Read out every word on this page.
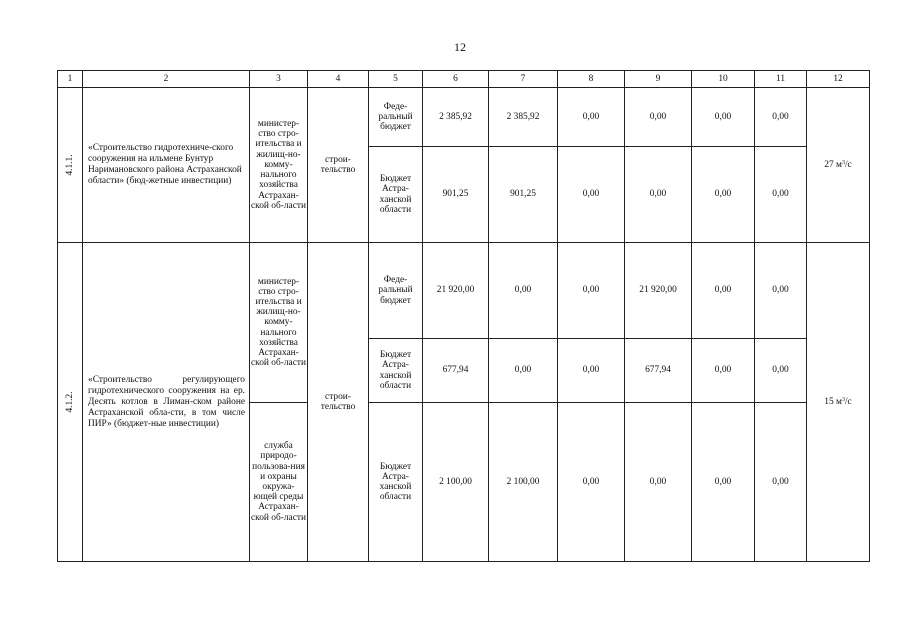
12
1	2	3	4	5	6	7	8	9	10	11	12

4.1.1.	«Строительство гидротехниче-ского сооружения на ильмене Бунтур Наримановского района Астраханской области» (бюд-жетные инвестиции)	министер-ство стро-ительства и жилищ-но-комму-нального хозяйства Астрахан-ской об-ласти	строи-тельство	Феде-ральный бюджет	2 385,92	2 385,92	0,00	0,00	0,00	0,00	27 $м^3/с$
				Бюджет Астра-ханской области	901,25	901,25	0,00	0,00	0,00	0,00	

4.1.2.	«Строительство регулирующего гидротехнического сооружения на ер. Десять котлов в Лиман-ском районе Астраханской обла-сти, в том числе ПИР» (бюджет-ные инвестиции)	министер-ство стро-ительства и жилищ-но-комму-нального хозяйства Астрахан-ской об-ласти	строи-тельство	Феде-ральный бюджет	21 920,00	0,00	0,00	21 920,00	0,00	0,00	15 $м^3/с$
				Бюджет Астра-ханской области	677,94	0,00	0,00	677,94	0,00	0,00	
		служба природо-пользова-ния и охраны окружа-ющей среды Астрахан-ской об-ласти		Бюджет Астра-ханской области	2 100,00	2 100,00	0,00	0,00	0,00	0,00	
